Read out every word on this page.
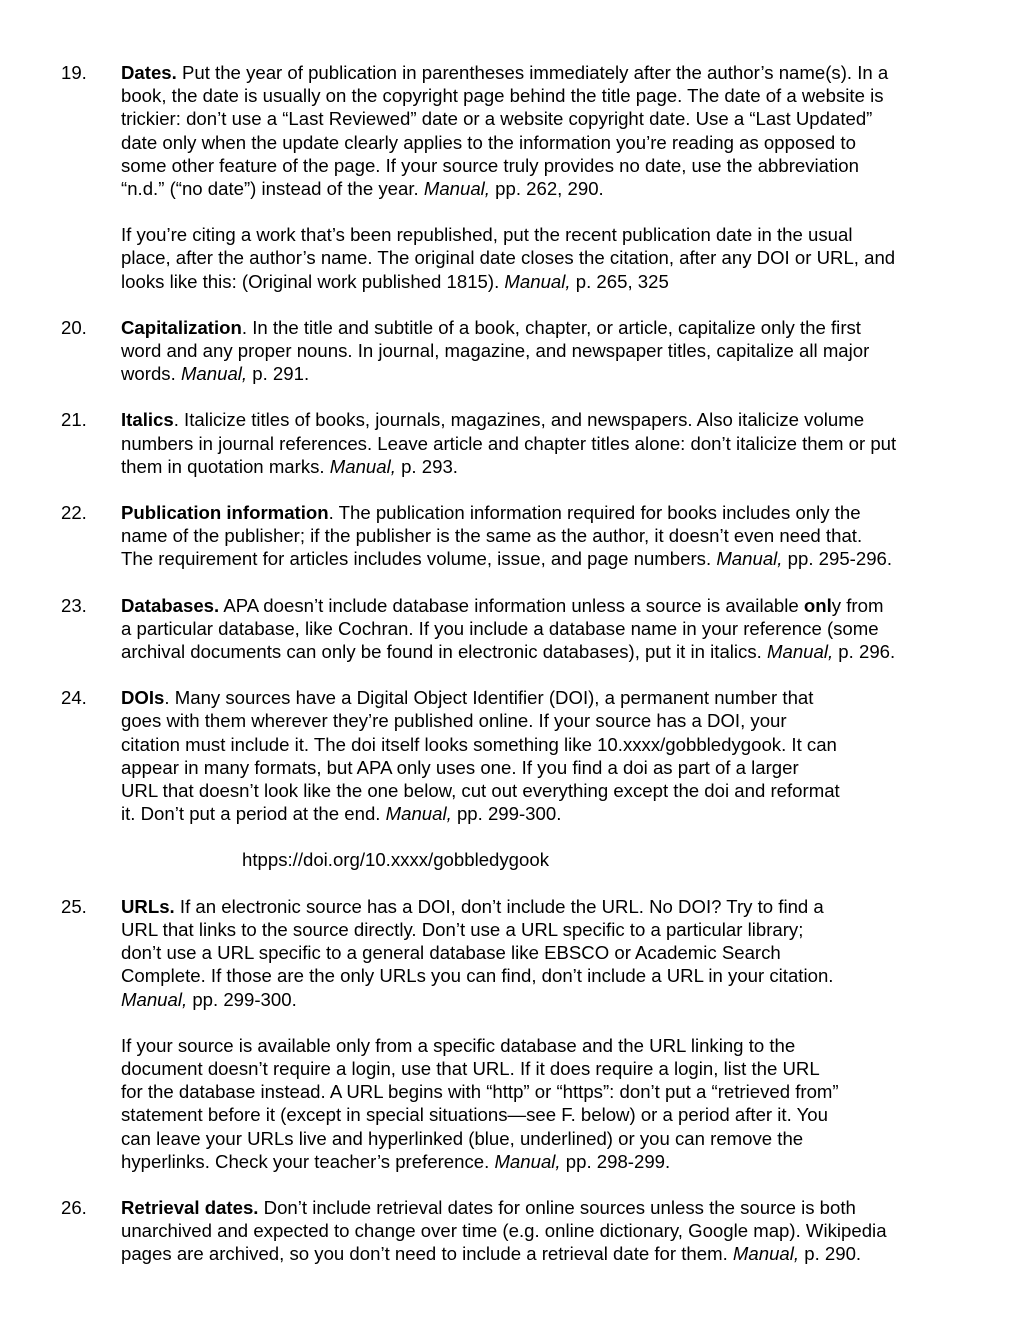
19. Dates. Put the year of publication in parentheses immediately after the author’s name(s). In a
book, the date is usually on the copyright page behind the title page. The date of a website is
trickier: don’t use a “Last Reviewed” date or a website copyright date. Use a “Last Updated”
date only when the update clearly applies to the information you’re reading as opposed to
some other feature of the page. If your source truly provides no date, use the abbreviation
“n.d.” (“no date”) instead of the year. Manual, pp. 262, 290.

If you’re citing a work that’s been republished, put the recent publication date in the usual
place, after the author’s name. The original date closes the citation, after any DOI or URL, and
looks like this: (Original work published 1815). Manual, p. 265, 325

20. Capitalization. In the title and subtitle of a book, chapter, or article, capitalize only the first
word and any proper nouns. In journal, magazine, and newspaper titles, capitalize all major
words. Manual, p. 291.

21. Italics. Italicize titles of books, journals, magazines, and newspapers. Also italicize volume
numbers in journal references. Leave article and chapter titles alone: don’t italicize them or put
them in quotation marks. Manual, p. 293.

22. Publication information. The publication information required for books includes only the
name of the publisher; if the publisher is the same as the author, it doesn’t even need that.
The requirement for articles includes volume, issue, and page numbers. Manual, pp. 295-296.

23. Databases. APA doesn’t include database information unless a source is available only from
a particular database, like Cochran. If you include a database name in your reference (some
archival documents can only be found in electronic databases), put it in italics. Manual, p. 296.

24. DOIs. Many sources have a Digital Object Identifier (DOI), a permanent number that
goes with them wherever they’re published online. If your source has a DOI, your
citation must include it. The doi itself looks something like 10.xxxx/gobbledygook. It can
appear in many formats, but APA only uses one. If you find a doi as part of a larger
URL that doesn’t look like the one below, cut out everything except the doi and reformat
it. Don’t put a period at the end. Manual, pp. 299-300.

htpps://doi.org/10.xxxx/gobbledygook

25. URLs. If an electronic source has a DOI, don’t include the URL. No DOI? Try to find a
URL that links to the source directly. Don’t use a URL specific to a particular library;
don’t use a URL specific to a general database like EBSCO or Academic Search
Complete. If those are the only URLs you can find, don’t include a URL in your citation.
Manual, pp. 299-300.

If your source is available only from a specific database and the URL linking to the
document doesn’t require a login, use that URL. If it does require a login, list the URL
for the database instead. A URL begins with “http” or “https”: don’t put a “retrieved from”
statement before it (except in special situations—see F. below) or a period after it. You
can leave your URLs live and hyperlinked (blue, underlined) or you can remove the
hyperlinks. Check your teacher’s preference. Manual, pp. 298-299.

26. Retrieval dates. Don’t include retrieval dates for online sources unless the source is both
unarchived and expected to change over time (e.g. online dictionary, Google map). Wikipedia
pages are archived, so you don’t need to include a retrieval date for them. Manual, p. 290.
